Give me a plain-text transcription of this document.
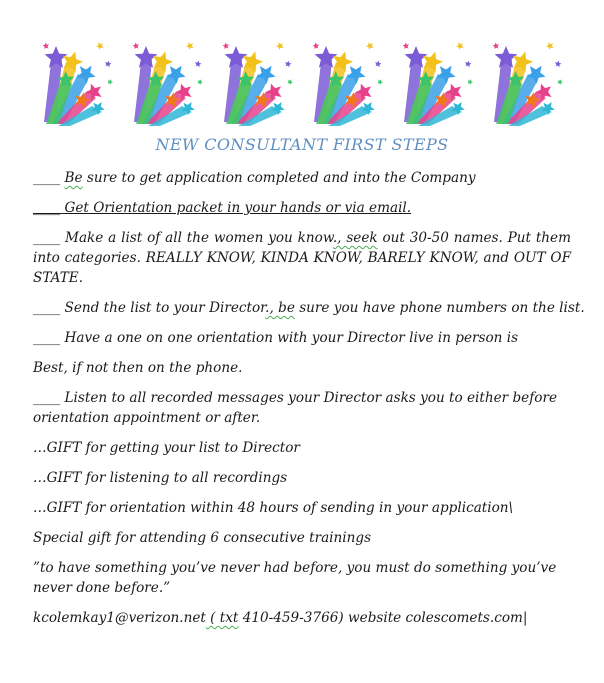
NEW CONSULTANT FIRST STEPS

____ Be sure to get application completed and into the Company

____ Get Orientation packet in your hands or via email.

____ Make a list of all the women you know., seek out 30-50 names. Put them into categories. REALLY KNOW, KINDA KNOW, BARELY KNOW, and OUT OF STATE.

____ Send the list to your Director., be sure you have phone numbers on the list.

____ Have a one on one orientation with your Director live in person is

Best, if not then on the phone.

____ Listen to all recorded messages your Director asks you to either before orientation appointment or after.

…GIFT for getting your list to Director

…GIFT for listening to all recordings

…GIFT for orientation within 48 hours of sending in your application\

Special gift for attending 6 consecutive trainings

”to have something you’ve never had before, you must do something you’ve never done before.”

kcolemkay1@verizon.net ( txt 410-459-3766) website colescomets.com|
